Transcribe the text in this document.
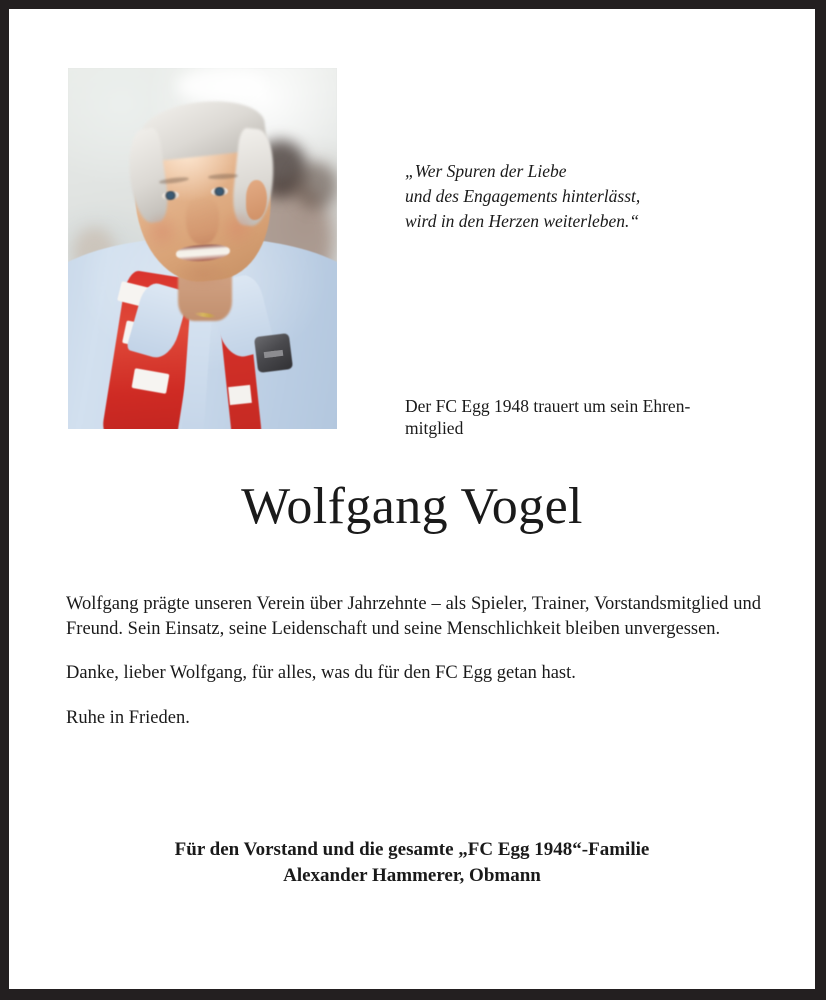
„Wer Spuren der Liebe
und des Engagements hinterlässt,
wird in den Herzen weiterleben.“
Der FC Egg 1948 trauert um sein Ehren-
mitglied
Wolfgang Vogel

Wolfgang prägte unseren Verein über Jahrzehnte – als Spieler, Trainer, Vorstandsmitglied und Freund. Sein Einsatz, seine Leidenschaft und seine Menschlichkeit bleiben unvergessen.

Danke, lieber Wolfgang, für alles, was du für den FC Egg getan hast.

Ruhe in Frieden.

Für den Vorstand und die gesamte „FC Egg 1948“-Familie
Alexander Hammerer, Obmann
